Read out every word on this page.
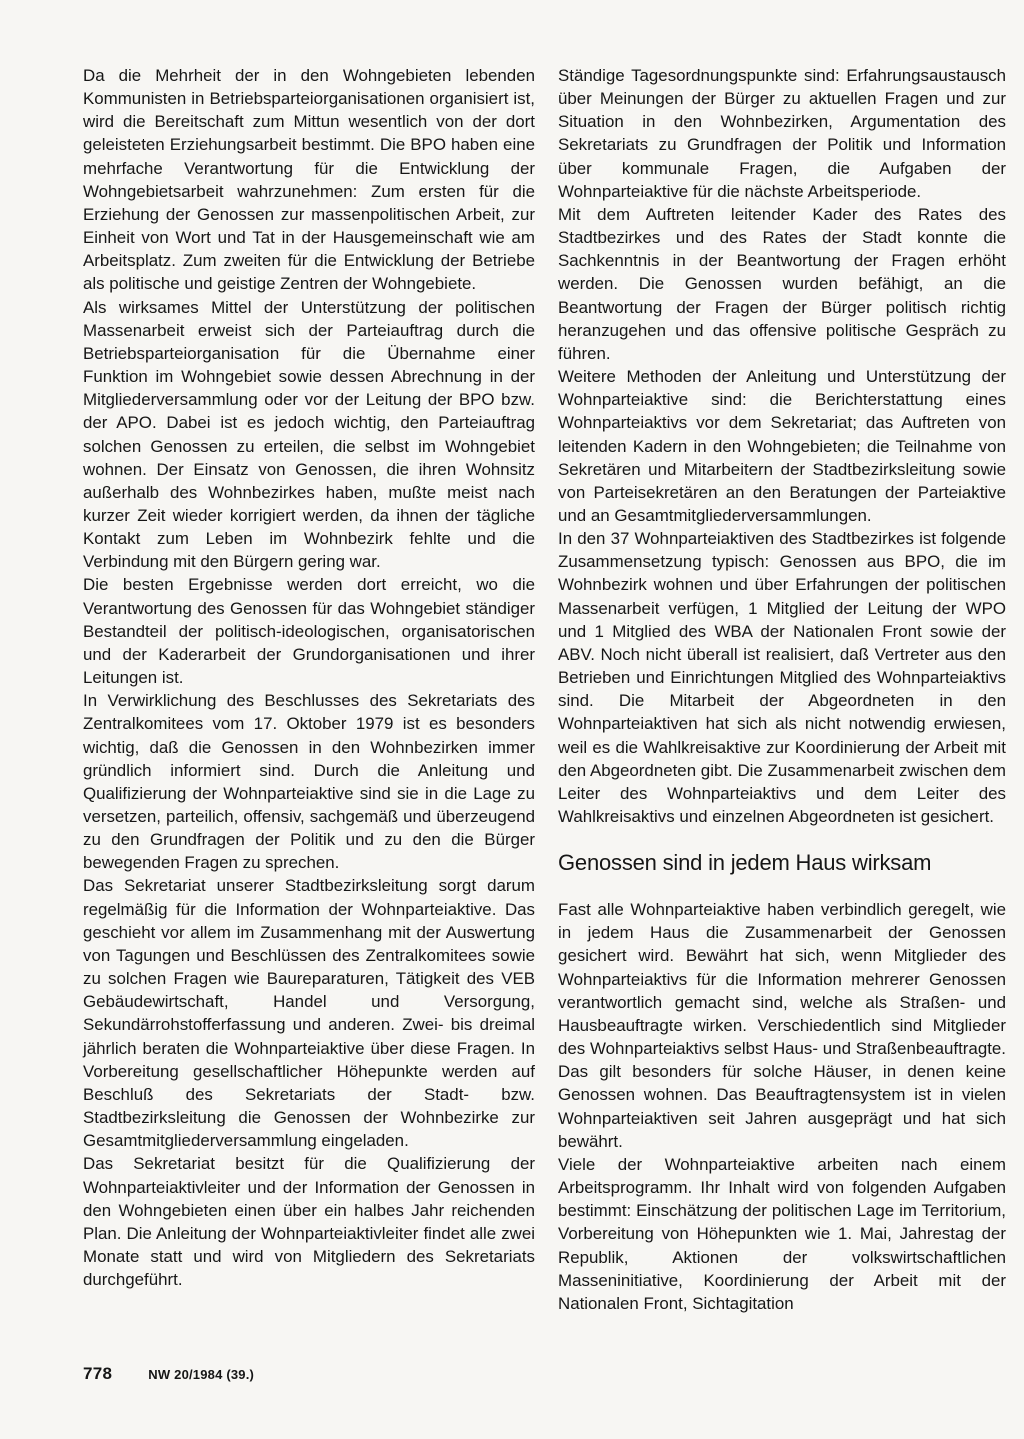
Da die Mehrheit der in den Wohngebieten lebenden Kommunisten in Betriebsparteiorganisationen organisiert ist, wird die Bereitschaft zum Mittun wesentlich von der dort geleisteten Erziehungsarbeit bestimmt. Die BPO haben eine mehrfache Verantwortung für die Entwicklung der Wohngebietsarbeit wahrzunehmen: Zum ersten für die Erziehung der Genossen zur massenpolitischen Arbeit, zur Einheit von Wort und Tat in der Hausgemeinschaft wie am Arbeitsplatz. Zum zweiten für die Entwicklung der Betriebe als politische und geistige Zentren der Wohngebiete.

Als wirksames Mittel der Unterstützung der politischen Massenarbeit erweist sich der Parteiauftrag durch die Betriebsparteiorganisation für die Übernahme einer Funktion im Wohngebiet sowie dessen Abrechnung in der Mitgliederversammlung oder vor der Leitung der BPO bzw. der APO. Dabei ist es jedoch wichtig, den Parteiauftrag solchen Genossen zu erteilen, die selbst im Wohngebiet wohnen. Der Einsatz von Genossen, die ihren Wohnsitz außerhalb des Wohnbezirkes haben, mußte meist nach kurzer Zeit wieder korrigiert werden, da ihnen der tägliche Kontakt zum Leben im Wohnbezirk fehlte und die Verbindung mit den Bürgern gering war.

Die besten Ergebnisse werden dort erreicht, wo die Verantwortung des Genossen für das Wohngebiet ständiger Bestandteil der politisch-ideologischen, organisatorischen und der Kaderarbeit der Grundorganisationen und ihrer Leitungen ist.

In Verwirklichung des Beschlusses des Sekretariats des Zentralkomitees vom 17. Oktober 1979 ist es besonders wichtig, daß die Genossen in den Wohnbezirken immer gründlich informiert sind. Durch die Anleitung und Qualifizierung der Wohnparteiaktive sind sie in die Lage zu versetzen, parteilich, offensiv, sachgemäß und überzeugend zu den Grundfragen der Politik und zu den die Bürger bewegenden Fragen zu sprechen.

Das Sekretariat unserer Stadtbezirksleitung sorgt darum regelmäßig für die Information der Wohnparteiaktive. Das geschieht vor allem im Zusammenhang mit der Auswertung von Tagungen und Beschlüssen des Zentralkomitees sowie zu solchen Fragen wie Baureparaturen, Tätigkeit des VEB Gebäudewirtschaft, Handel und Versorgung, Sekundärrohstofferfassung und anderen. Zwei- bis dreimal jährlich beraten die Wohnparteiaktive über diese Fragen. In Vorbereitung gesellschaftlicher Höhepunkte werden auf Beschluß des Sekretariats der Stadt- bzw. Stadtbezirksleitung die Genossen der Wohnbezirke zur Gesamtmitgliederversammlung eingeladen.

Das Sekretariat besitzt für die Qualifizierung der Wohnparteiaktivleiter und der Information der Genossen in den Wohngebieten einen über ein halbes Jahr reichenden Plan. Die Anleitung der Wohnparteiaktivleiter findet alle zwei Monate statt und wird von Mitgliedern des Sekretariats durchgeführt.

Ständige Tagesordnungspunkte sind: Erfahrungsaustausch über Meinungen der Bürger zu aktuellen Fragen und zur Situation in den Wohnbezirken, Argumentation des Sekretariats zu Grundfragen der Politik und Information über kommunale Fragen, die Aufgaben der Wohnparteiaktive für die nächste Arbeitsperiode.

Mit dem Auftreten leitender Kader des Rates des Stadtbezirkes und des Rates der Stadt konnte die Sachkenntnis in der Beantwortung der Fragen erhöht werden. Die Genossen wurden befähigt, an die Beantwortung der Fragen der Bürger politisch richtig heranzugehen und das offensive politische Gespräch zu führen.

Weitere Methoden der Anleitung und Unterstützung der Wohnparteiaktive sind: die Berichterstattung eines Wohnparteiaktivs vor dem Sekretariat; das Auftreten von leitenden Kadern in den Wohngebieten; die Teilnahme von Sekretären und Mitarbeitern der Stadtbezirksleitung sowie von Parteisekretären an den Beratungen der Parteiaktive und an Gesamtmitgliederversammlungen.

In den 37 Wohnparteiaktiven des Stadtbezirkes ist folgende Zusammensetzung typisch: Genossen aus BPO, die im Wohnbezirk wohnen und über Erfahrungen der politischen Massenarbeit verfügen, 1 Mitglied der Leitung der WPO und 1 Mitglied des WBA der Nationalen Front sowie der ABV. Noch nicht überall ist realisiert, daß Vertreter aus den Betrieben und Einrichtungen Mitglied des Wohnparteiaktivs sind. Die Mitarbeit der Abgeordneten in den Wohnparteiaktiven hat sich als nicht notwendig erwiesen, weil es die Wahlkreisaktive zur Koordinierung der Arbeit mit den Abgeordneten gibt. Die Zusammenarbeit zwischen dem Leiter des Wohnparteiaktivs und dem Leiter des Wahlkreisaktivs und einzelnen Abgeordneten ist gesichert.

Genossen sind in jedem Haus wirksam

Fast alle Wohnparteiaktive haben verbindlich geregelt, wie in jedem Haus die Zusammenarbeit der Genossen gesichert wird. Bewährt hat sich, wenn Mitglieder des Wohnparteiaktivs für die Information mehrerer Genossen verantwortlich gemacht sind, welche als Straßen- und Hausbeauftragte wirken. Verschiedentlich sind Mitglieder des Wohnparteiaktivs selbst Haus- und Straßenbeauftragte. Das gilt besonders für solche Häuser, in denen keine Genossen wohnen. Das Beauftragtensystem ist in vielen Wohnparteiaktiven seit Jahren ausgeprägt und hat sich bewährt.

Viele der Wohnparteiaktive arbeiten nach einem Arbeitsprogramm. Ihr Inhalt wird von folgenden Aufgaben bestimmt: Einschätzung der politischen Lage im Territorium, Vorbereitung von Höhepunkten wie 1. Mai, Jahrestag der Republik, Aktionen der volkswirtschaftlichen Masseninitiative, Koordinierung der Arbeit mit der Nationalen Front, Sichtagitation

778	NW 20/1984 (39.)
